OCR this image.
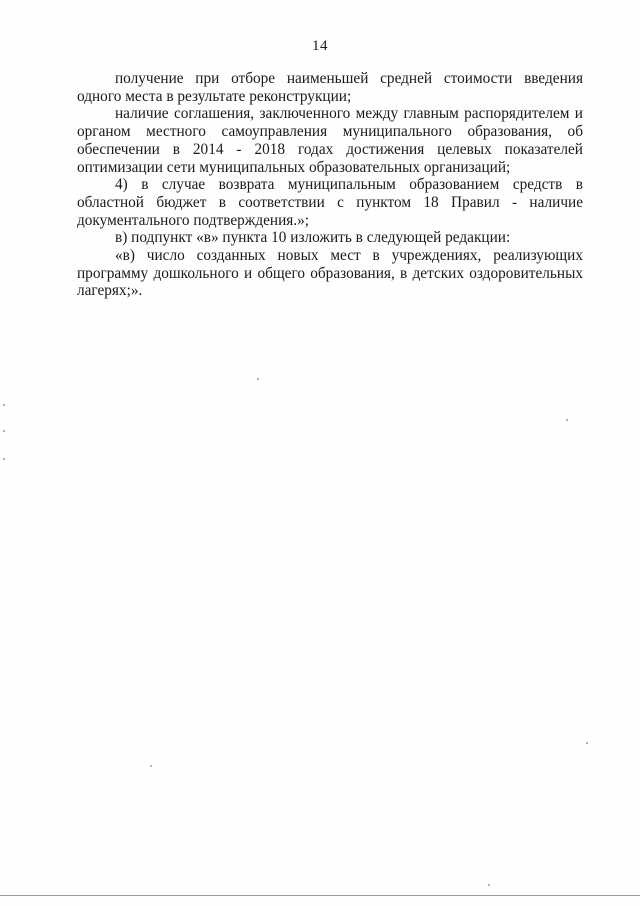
14

получение при отборе наименьшей средней стоимости введения одного места в результате реконструкции;

наличие соглашения, заключенного между главным распорядителем и органом местного самоуправления муниципального образования, об обеспечении в 2014 - 2018 годах достижения целевых показателей оптимизации сети муниципальных образовательных организаций;

4) в случае возврата муниципальным образованием средств в областной бюджет в соответствии с пунктом 18 Правил - наличие документального подтверждения.»;

в) подпункт «в» пункта 10 изложить в следующей редакции:

«в) число созданных новых мест в учреждениях, реализующих программу дошкольного и общего образования, в детских оздоровительных лагерях;».
